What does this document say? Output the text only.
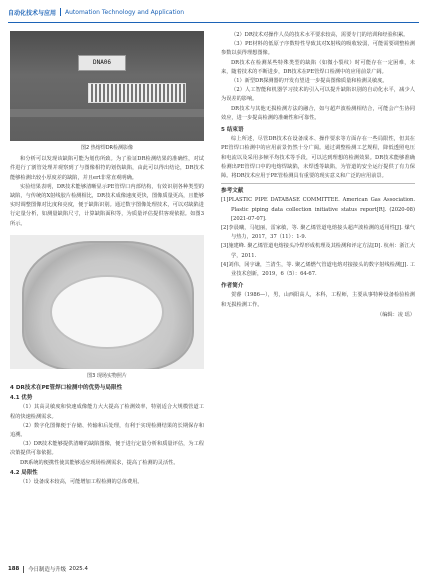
自动化技术与应用 Automation Technology and Application
DNA06
图2 热熔焊DR检测影像

和分析可以发现该缺陷可能为划伤所致。为了验证DR检测结果的准确性，对试件进行了割管处理并观察到了与图像相符的划伤缺陷，由此可以得出结论，DR技术能够检测出较小厚度差的缺陷，并且ert非常直观明确。

实验结果表明，DR技术能够清晰显示PE管焊口内部结构，有效识别各种类型的缺陷，与传统的X射线胶片检测相比，DR技术成像速度更快，图像质量更高，且能够实时调整图像对比度和亮度，便于缺陷识别。通过数字图像处理技术，可以对缺陷进行定量分析，如测量缺陷尺寸，计算缺陷面积等，为质量评估提供客观依据。如图3所示。

图3 现场实物照片
4 DR技术在PE管焊口检测中的优势与局限性
4.1 优势

（1）其高灵敏度和快速成像能力大大提高了检测效率，特别适合大规模管道工程的快速检测需求。

（2）数字化图像便于存储、传输和后处理，有利于实现检测结果的长期保存和追溯。

（3）DR技术能够提供清晰的缺陷图像，便于进行定量分析和质量评估，为工程决策提供可靠依据。

DR系统的便携性使其能够适应现场检测需求，提高了检测的灵活性。

4.2 局限性

（1）设备成本较高，可能增加工程检测的总体费用。

（2）DR技术对操作人员的技术水平要求较高，需要专门的培训和经验积累。

（3）PE材料的低原子序数特性导致其对X射线的吸收较弱，可能需要调整检测参数以获得理想图像。

DR技术在检测某些特殊类型的缺陷（如微小裂纹）时可能存在一定困难，未来，随着技术的不断进步，DR技术在PE管焊口检测中的应用前景广阔。

（1）新型DR探测器的开发有望进一步提高图像质量和检测灵敏度。

（2）人工智能和机器学习技术的引入可以提升缺陷识别的自动化水平，减少人为误差的影响。

DR技术与其他无损检测方法的融合，如与超声波检测相结合，可能会产生协同效应，进一步提高检测的准确性和可靠性。

5 结束语

综上所述，尽管DR技术在设备成本、操作要求等方面存在一些局限性，但其在PE管焊口检测中的应用前景仍然十分广阔。通过调整检测工艺规程，降低透照电压和电流以及采用多帧平均技术等手段，可以达到理想的检测效果。DR技术能够准确检测出PE管焊口中的电熔焊缺陷，未焊透等缺陷，为管道的安全运行提供了有力保障。将DR技术应用于PE管检测具有重要的现实意义和广泛的应用前景。

参考文献

[1]PLASTIC PIPE DATABASE COMMITTEE. American Gas Association. Plastic piping data collection initiative status report[R]. (2020-08) [2021-07-07].

[2]李晨曦，马旭丽，雷家敏，等. 聚乙烯管道电熔接头超声波检测的适用性[J]. 煤气与热力，2017，37（11）：1-9.

[3]施建峰. 聚乙烯管道电熔接头冷焊形成机理及其检测和评定方法[D]. 杭州：浙江大学，2011.

[4]刘伟，冈宇谦，兰清生，等. 聚乙烯燃气管道电熔对接接头的数字射线检测[J]. 工业技术创新，2019，6（5）：64-67.

作者简介

贺睿（1986—），男，山西阳高人，本科，工程师，主要从事特种设备检验检测和无损检测工作。

（编辑：凌 瑶）
188 今日制造与升级 2025.4
